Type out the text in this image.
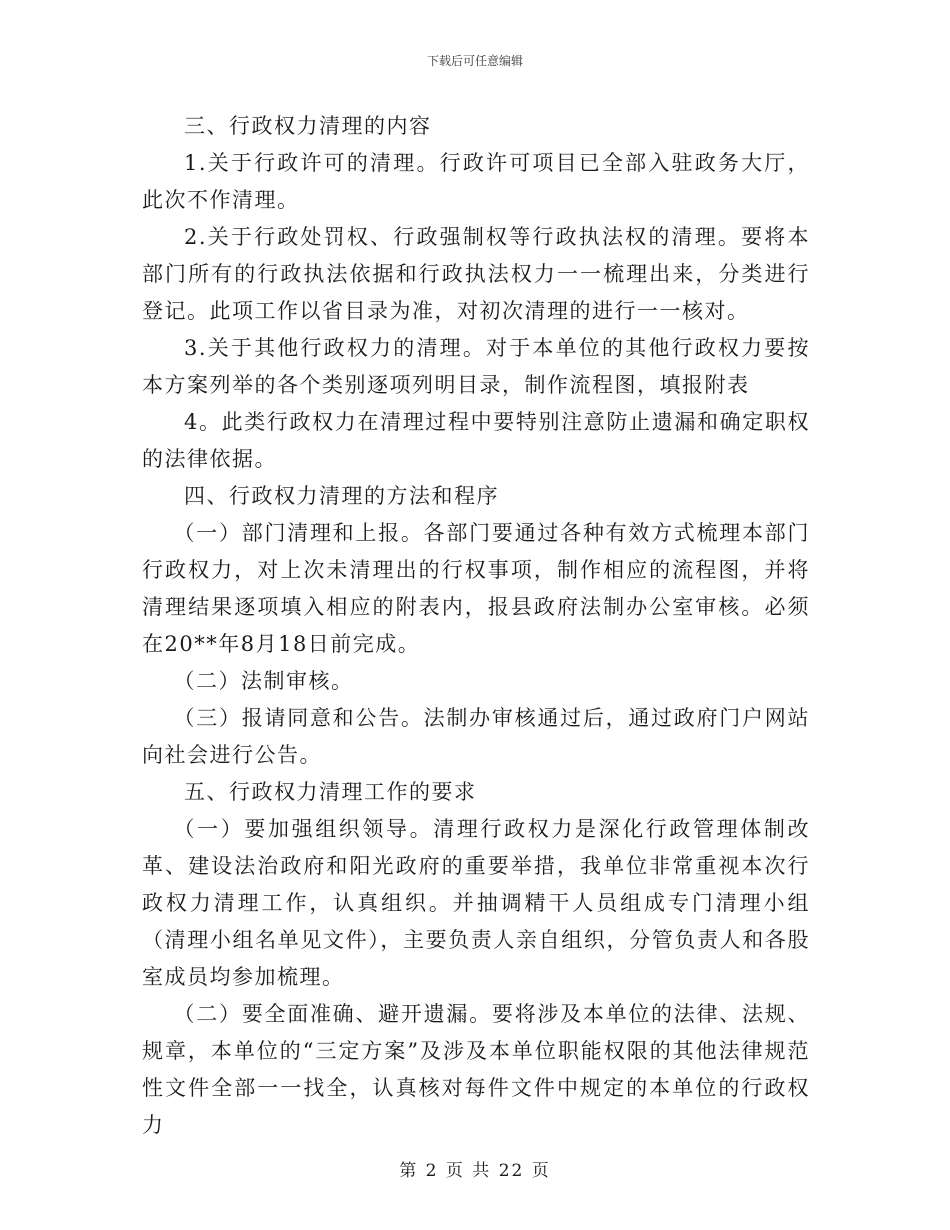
下载后可任意编辑

三、行政权力清理的内容

1.关于行政许可的清理。行政许可项目已全部入驻政务大厅，此次不作清理。

2.关于行政处罚权、行政强制权等行政执法权的清理。要将本部门所有的行政执法依据和行政执法权力一一梳理出来，分类进行登记。此项工作以省目录为准，对初次清理的进行一一核对。

3.关于其他行政权力的清理。对于本单位的其他行政权力要按本方案列举的各个类别逐项列明目录，制作流程图，填报附表

4。此类行政权力在清理过程中要特别注意防止遗漏和确定职权的法律依据。

四、行政权力清理的方法和程序

（一）部门清理和上报。各部门要通过各种有效方式梳理本部门行政权力，对上次未清理出的行权事项，制作相应的流程图，并将清理结果逐项填入相应的附表内，报县政府法制办公室审核。必须在20**年8月18日前完成。

（二）法制审核。

（三）报请同意和公告。法制办审核通过后，通过政府门户网站向社会进行公告。

五、行政权力清理工作的要求

（一）要加强组织领导。清理行政权力是深化行政管理体制改革、建设法治政府和阳光政府的重要举措，我单位非常重视本次行政权力清理工作，认真组织。并抽调精干人员组成专门清理小组（清理小组名单见文件），主要负责人亲自组织，分管负责人和各股室成员均参加梳理。

（二）要全面准确、避开遗漏。要将涉及本单位的法律、法规、规章，本单位的“三定方案”及涉及本单位职能权限的其他法律规范性文件全部一一找全，认真核对每件文件中规定的本单位的行政权力

第 2 页 共 22 页
